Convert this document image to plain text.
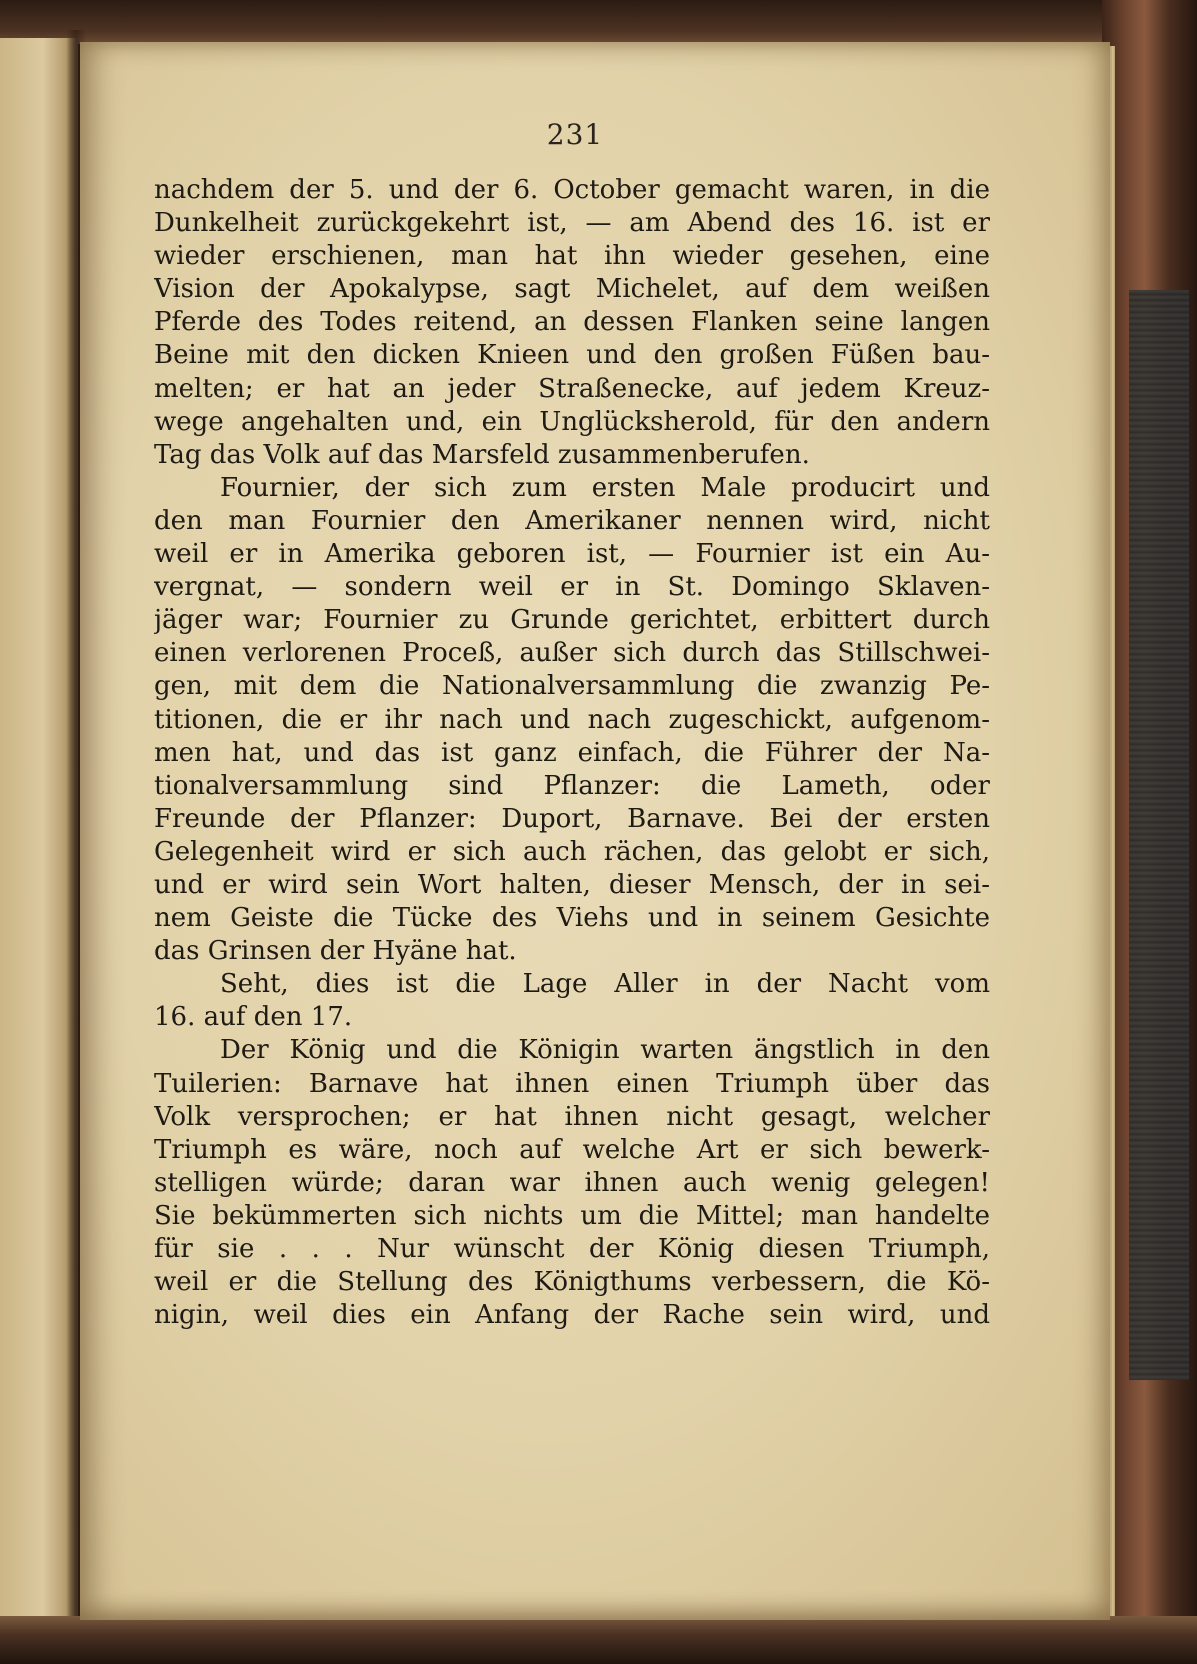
231
nachdem der 5. und der 6. October gemacht waren, in die
Dunkelheit zurückgekehrt ist, — am Abend des 16. ist er
wieder erschienen, man hat ihn wieder gesehen, eine
Vision der Apokalypse, sagt Michelet, auf dem weißen
Pferde des Todes reitend, an dessen Flanken seine langen
Beine mit den dicken Knieen und den großen Füßen bau-
melten; er hat an jeder Straßenecke, auf jedem Kreuz-
wege angehalten und, ein Unglücksherold, für den andern
Tag das Volk auf das Marsfeld zusammenberufen.
Fournier, der sich zum ersten Male producirt und
den man Fournier den Amerikaner nennen wird, nicht
weil er in Amerika geboren ist, — Fournier ist ein Au-
vergnat, — sondern weil er in St. Domingo Sklaven-
jäger war; Fournier zu Grunde gerichtet, erbittert durch
einen verlorenen Proceß, außer sich durch das Stillschwei-
gen, mit dem die Nationalversammlung die zwanzig Pe-
titionen, die er ihr nach und nach zugeschickt, aufgenom-
men hat, und das ist ganz einfach, die Führer der Na-
tionalversammlung sind Pflanzer: die Lameth, oder
Freunde der Pflanzer: Duport, Barnave. Bei der ersten
Gelegenheit wird er sich auch rächen, das gelobt er sich,
und er wird sein Wort halten, dieser Mensch, der in sei-
nem Geiste die Tücke des Viehs und in seinem Gesichte
das Grinsen der Hyäne hat.
Seht, dies ist die Lage Aller in der Nacht vom
16. auf den 17.
Der König und die Königin warten ängstlich in den
Tuilerien: Barnave hat ihnen einen Triumph über das
Volk versprochen; er hat ihnen nicht gesagt, welcher
Triumph es wäre, noch auf welche Art er sich bewerk-
stelligen würde; daran war ihnen auch wenig gelegen!
Sie bekümmerten sich nichts um die Mittel; man handelte
für sie . . . Nur wünscht der König diesen Triumph,
weil er die Stellung des Königthums verbessern, die Kö-
nigin, weil dies ein Anfang der Rache sein wird, und
